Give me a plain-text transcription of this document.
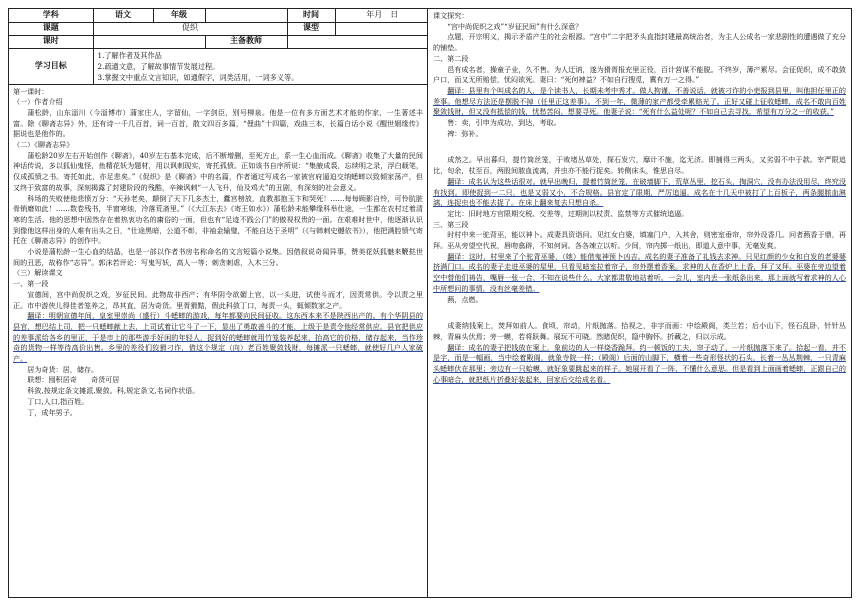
学科	语文	年级		时间	年月　日
课题	促织			课型	
课时			主备教师		
学习目标	1.了解作者及其作品
2.疏通文意，了解故事情节发展过程。
3.掌握文中重点文言知识，如通假字，词类活用，一词多义等。				

第一课时：

（一）作者介绍

蒲松龄，山东淄川（今淄博市）蒲家庄人，字留仙，一字剑臣，别号柳泉。他是一位有多方面艺术才能的作家，一生著述丰富。除《聊斋志异》外，还有诗一千几百首，词一百首，散文四百多篇，“俚曲”十四篇，戏曲三本，长篇白话小说《醒世姻缘传》据说也是他作的。

（二）《聊斋志异》

蒲松龄20岁左右开始创作《聊斋》，40岁左右基本完成，后不断增删，至死方止，系一生心血而成。《聊斋》收集了大量的民间神话传说，多以狐仙鬼怪，鱼精花妖为题材，用以讽刺现实，寄托孤愤。正如该书自序所说：“集腋成裘，忘续明之录，浮白载笔，仅成孤愤之书。寄托如此，亦足悲矣。”《促织》是《聊斋》中的名篇，作者通过写成名一家被官府逼迫交纳蟋蟀以致倾家荡产，但又终于致富的故事，深刻揭露了封建阶段的残酷，辛辣讽刺“一人飞升，仙及鸡犬”的丑剧，有深刻的社会意义。

科场的失败使他悲愤万分：“天孙老矣，颠倒了天下几多杰士，蠹宫榜放，直教那抱玉卞和哭死！……每每顾影自怜，可怜肮脏骨销磨如此！……数卷残书，半窗寒烛，冷落荒斋里。”（《大江东去》《寄王如水》）蒲松龄未能攀缘科举仕途，一生都在农村过着清寒的生活。他的思想中固然存在着热衷功名的庸俗的一面，但也有“足迹不践公门”的傲视权贵的一面。在艰难时世中，他逐渐认识到像他这样出身的人难有出头之日，“仕途黑暗，公道不彰，非袖金输璧，不能自达于圣明”（《与韩刺史樾依书》），他把满腔愤气寄托在《聊斋志异》的创作中。

小说是蒲松龄一生心血的结晶，也是一部以作者书房名称命名的文言短篇小说集。因借叙说奇闻异事，赞美花妖狐魅来鞭挞世间的丑恶，故称作“志异”。郭沫若评论：写鬼写妖，高人一等；刺贪刺虐，入木三分。

（三）解读课文

一、第一段

宣德间，宫中尚促织之戏，岁征民间。此物故非西产；有华阴令欲媚上官，以一头进，试使斗而才，因责常供。令以责之里正。市中游侠儿得佳者笼养之，昂其直，居为奇货。里胥猾黠，假此科敛丁口，每责一头，辄倾数家之产。

翻译：明朝宣德年间，皇室里崇尚（盛行）斗蟋蟀的游戏，每年都要向民间征收。这东西本来不是陕西出产的。有个华阴县的县官，想巴结上司，把一只蟋蟀献上去，上司试着让它斗了一下，显出了勇敢善斗的才能，上级于是责令他经常供应。县官把供应的差事派给各乡的里正，于是市上的那些游手好闲的年轻人，捉到好的蟋蟀就用竹笼装养起来，抬高它的价格，储存起来，当作珍奇的货物一样等待高价出售。乡里的差役们狡猾刁诈，借这个规定（向）老百姓聚敛钱财，每摊派一只蟋蟀，就使好几户人家破产。

居为奇货：居，储存。

联想：囤积居奇　　奇货可居

科敛,按规定条文摊派,聚敛。科,规定条文,名词作状语。

丁口,人口,指百姓。

丁，成年男子。

课文探究：

“宫中尚促织之戏”“岁征民间”有什么深意？

点题，开宗明义，揭示矛盾产生的社会根源。“宫中”二字把矛头直指封建最高统治者，为主人公成名一家悲剧性的遭遇做了充分的铺垫。

二、第二段

邑有成名者，操童子业，久不售。为人迂讷，遂为猾胥报充里正役，百计营谋不能脱。不终岁，薄产累尽。会征促织，成不敢敛户口，而又无所赔偿，忧闷欲死。妻曰：“死何裨益？不如自行搜觅，冀有万一之得。”

翻译：县里有个叫成名的人，是个读书人，长期未考中秀才。做人拘谨，不善说话，就被刁诈的小吏报到县里，叫他担任里正的差事。他想尽方法还是摆脱不掉（任里正这差事）。不到一年，微薄的家产都受牵累赔光了。正好又碰上征收蟋蟀，成名不敢向百姓聚敛钱财，但又没有抵偿的钱，忧愁苦闷，想要寻死。他妻子说：“死有什么益处呢？不如自己去寻找，希望有万分之一的收获。”

售：卖，引申为成功，到达，考取。

裨：弥补。

成然之。早出暮归，提竹筒丝笼，于败堵丛草处，探石发穴，靡计不施，迄无济。即捕得三两头，又劣弱不中于款。宰严限追比，旬余，杖至百，两股间脓血流离，并虫亦不能行捉矣。转侧床头，惟思自尽。

翻译：成名认为这些话很对。就早出晚归，提着竹筒丝笼，在破墙脚下，荒草丛里，挖石头，掏洞穴，没有办法没用尽，终究没有找到。即使捉到一二只，也是又弱又小，不合规格。县官定了限期，严厉追逼，成名在十几天中被打了上百板子，两条腿脓血淋漓，连捉虫也不能去捉了。在床上翻来复去只想自杀。

定比：旧时地方官限期交税、交差等，过期则以杖责、监禁等方式催统追逼。

三、第三段

时村中来一驼背巫，能以神卜。成妻具资诣问。见红女白婆，填塞门户，入其舍，则密室垂帘，帘外设香几。问者爇香于鼎，再拜。巫从旁望空代祝，唇吻翕辟，不知何词。各各竦立以听。少间，帘内掷一纸出，即道人意中事，无毫发爽。

翻译：这时，村里来了个驼背巫婆，（她）能借鬼神预卜凶吉。成名的妻子准备了礼钱去求神。只见红颜的少女和白发的老婆婆挤满门口。成名的妻子走进巫婆的屋里，只看见暗室拉着帘子，帘外摆着香案。求神的人在香炉上上香，拜了又拜。巫婆在旁边望着空中替他们祷告，嘴唇一张一合，不知在说些什么。大家都肃敬地站着听。一会儿，室内丢一张纸条出来，那上面就写着求神的人心中所想问的事情，没有丝毫差错。

爇，点燃。

成妻纳钱案上，焚拜如前人。食顷，帘动，片纸抛落。拾视之，非字而画：中绘殿阁，类兰若；后小山下，怪石乱卧，针针丛棘，青麻头伏焉；旁一蟆，若将跃舞。展玩不可晓。然睹促织，隐中胸怀。折藏之，归以示成。

翻译：成名的妻子把钱放在案上，象前边的人一样烧香跪拜。约一顿饭的工夫，帘子动了，一片纸抛落下来了。拾起一看，并不是字，而是一幅画，当中绘着殿阁，就象寺院一样；（殿阁）后面的山脚下，横着一些奇形怪状的石头，长着一丛丛荆棘，一只青麻头蟋蟀伏在那里；旁边有一只蛤蟆，就好象要跳起来的样子。她展开看了一阵，不懂什么意思。但是看到上面画着蟋蟀，正跟自己的心事暗合，就把纸片折叠好装起来，回家后交给成名看。
